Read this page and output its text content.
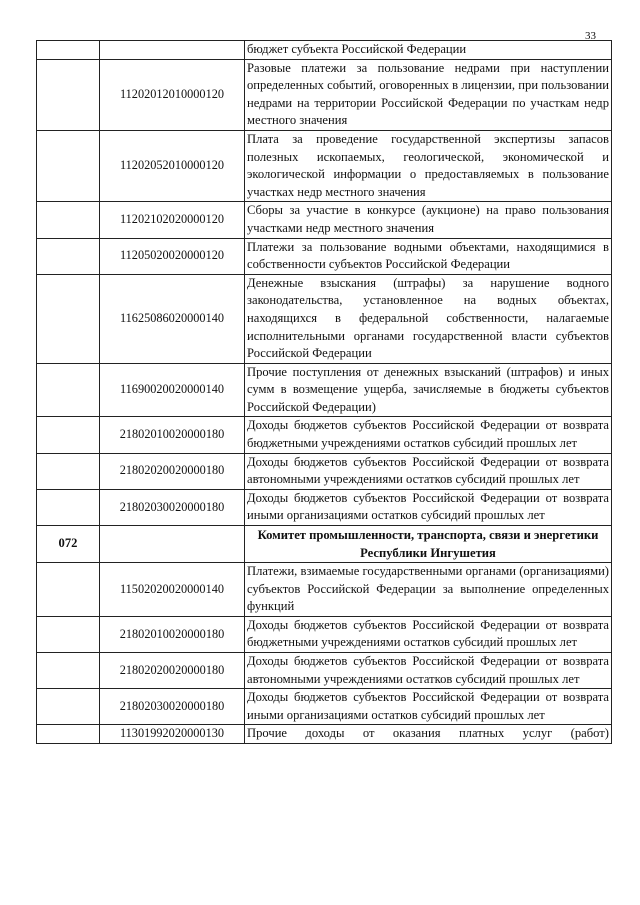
33
		бюджет субъекта Российской Федерации
	11202012010000120	Разовые платежи за пользование недрами при наступлении определенных событий, оговоренных в лицензии, при пользовании недрами на территории Российской Федерации по участкам недр местного значения
	11202052010000120	Плата за проведение государственной экспертизы запасов полезных ископаемых, геологической, экономической и экологической информации о предоставляемых в пользование участках недр местного значения
	11202102020000120	Сборы за участие в конкурсе (аукционе) на право пользования участками недр местного значения
	11205020020000120	Платежи за пользование водными объектами, находящимися в собственности субъектов Российской Федерации
	11625086020000140	Денежные взыскания (штрафы) за нарушение водного законодательства, установленное на водных объектах, находящихся в федеральной собственности, налагаемые исполнительными органами государственной власти субъектов Российской Федерации
	11690020020000140	Прочие поступления от денежных взысканий (штрафов) и иных сумм в возмещение ущерба, зачисляемые в бюджеты субъектов Российской Федерации)
	21802010020000180	Доходы бюджетов субъектов Российской Федерации от возврата бюджетными учреждениями остатков субсидий прошлых лет
	21802020020000180	Доходы бюджетов субъектов Российской Федерации от возврата автономными учреждениями остатков субсидий прошлых лет
	21802030020000180	Доходы бюджетов субъектов Российской Федерации от возврата иными организациями остатков субсидий прошлых лет
072		Комитет промышленности, транспорта, связи и энергетики Республики Ингушетия
	11502020020000140	Платежи, взимаемые государственными органами (организациями) субъектов Российской Федерации за выполнение определенных функций
	21802010020000180	Доходы бюджетов субъектов Российской Федерации от возврата бюджетными учреждениями остатков субсидий прошлых лет
	21802020020000180	Доходы бюджетов субъектов Российской Федерации от возврата автономными учреждениями остатков субсидий прошлых лет
	21802030020000180	Доходы бюджетов субъектов Российской Федерации от возврата иными организациями остатков субсидий прошлых лет
	11301992020000130	Прочие доходы от оказания платных услуг (работ)
